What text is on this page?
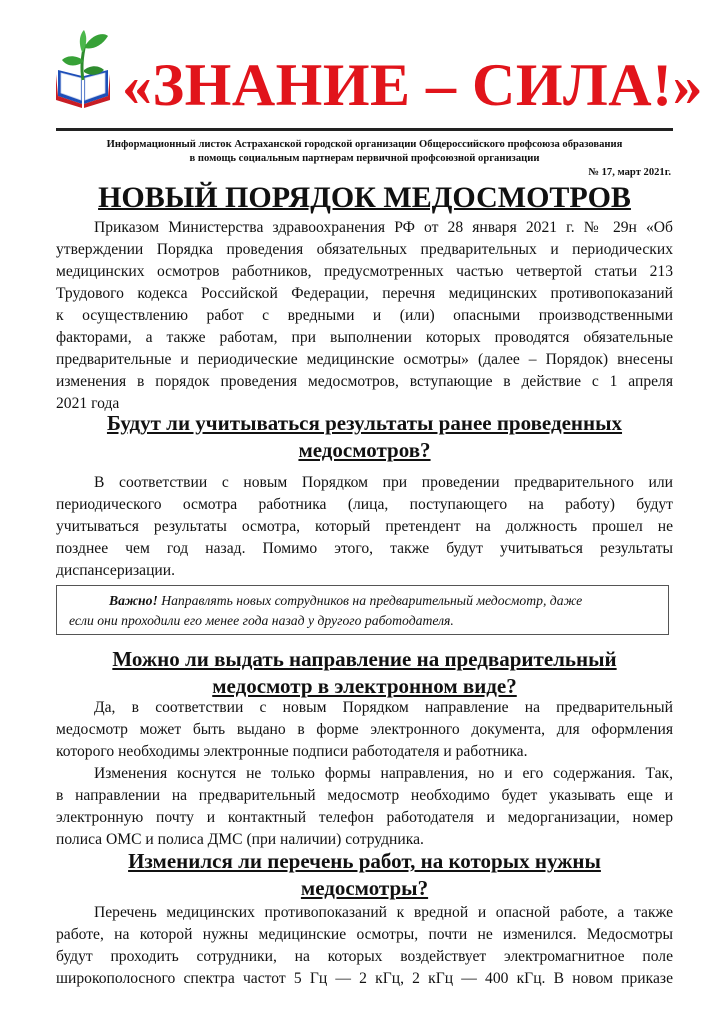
«ЗНАНИЕ – СИЛА!»
Информационный листок Астраханской городской организации Общероссийского профсоюза образования
в помощь социальным партнерам первичной профсоюзной организации
№ 17, март 2021г.
НОВЫЙ ПОРЯДОК МЕДОСМОТРОВ
Приказом Министерства здравоохранения РФ от 28 января 2021 г. № 29н «Об
утверждении Порядка проведения обязательных предварительных и периодических
медицинских осмотров работников, предусмотренных частью четвертой статьи 213
Трудового кодекса Российской Федерации, перечня медицинских противопоказаний
к осуществлению работ с вредными и (или) опасными производственными
факторами, а также работам, при выполнении которых проводятся обязательные
предварительные и периодические медицинские осмотры» (далее – Порядок) внесены
изменения в порядок проведения медосмотров, вступающие в действие с 1 апреля
2021 года
Будут ли учитываться результаты ранее проведенных
медосмотров?
В соответствии с новым Порядком при проведении предварительного или
периодического осмотра работника (лица, поступающего на работу) будут
учитываться результаты осмотра, который претендент на должность прошел не
позднее чем год назад. Помимо этого, также будут учитываться результаты
диспансеризации.
Важно! Направлять новых сотрудников на предварительный медосмотр, даже
если они проходили его менее года назад у другого работодателя.
Можно ли выдать направление на предварительный
медосмотр в электронном виде?
Да, в соответствии с новым Порядком направление на предварительный
медосмотр может быть выдано в форме электронного документа, для оформления
которого необходимы электронные подписи работодателя и работника.
Изменения коснутся не только формы направления, но и его содержания. Так,
в направлении на предварительный медосмотр необходимо будет указывать еще и
электронную почту и контактный телефон работодателя и медорганизации, номер
полиса ОМС и полиса ДМС (при наличии) сотрудника.
Изменился ли перечень работ, на которых нужны
медосмотры?
Перечень медицинских противопоказаний к вредной и опасной работе, а также
работе, на которой нужны медицинские осмотры, почти не изменился. Медосмотры
будут проходить сотрудники, на которых воздействует электромагнитное поле
широкополосного спектра частот 5 Гц — 2 кГц, 2 кГц — 400 кГц. В новом приказе
